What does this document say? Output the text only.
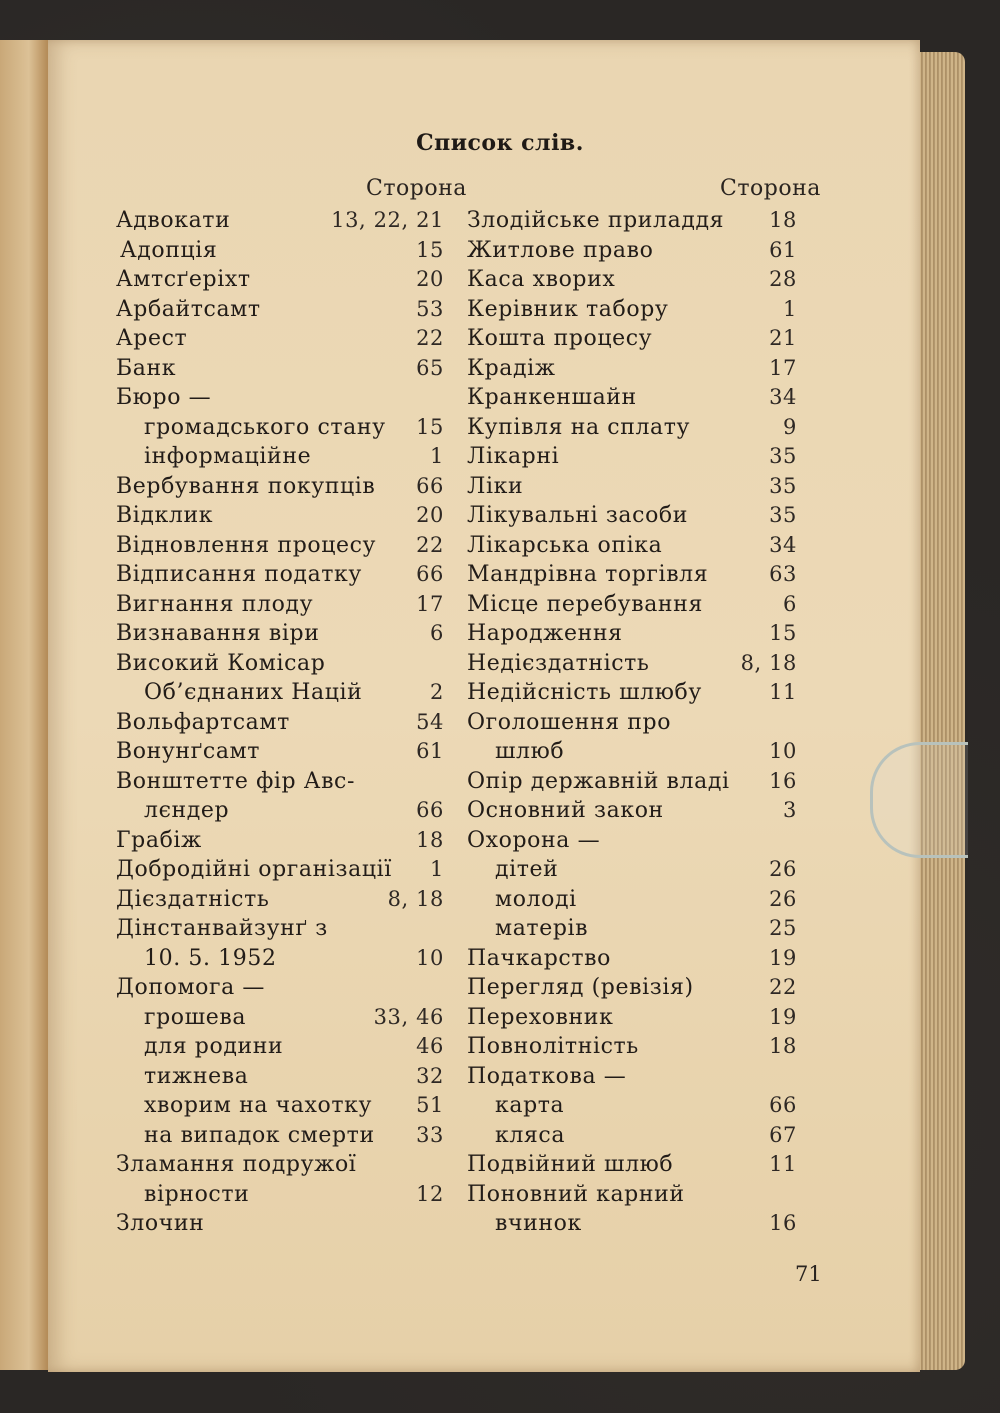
Список слів.
Сторона	Сторона
Адвокати	13, 22, 21
Адопція	15
Амтсґеріхт	20
Арбайтсамт	53
Арест	22
Банк	65
Бюро —
громадського стану 15
інформаційне	1
Вербування покупців 66
Відклик	20
Відновлення процесу 22
Відписання податку	66
Вигнання плоду	17
Визнавання віри	6
Високий Комісар
Об’єднаних Націй	2
Вольфартсамт	54
Вонунґсамт	61
Вонштетте фір Авс-
лєндер	66
Грабіж	18
Добродійні організації 1
Дієздатність	8, 18
Дінстанвайзунґ з
10. 5. 1952	10
Допомога —
грошева	33, 46
для родини	46
тижнева	32
хворим на чахотку 51
на випадок смерти 33
Зламання подружої
вірности	12
Злочин
Злодійське приладдя 18
Житлове право	61
Каса хворих	28
Керівник табору	1
Кошта процесу	21
Крадіж	17
Кранкеншайн	34
Купівля на сплату	9
Лікарні	35
Ліки	35
Лікувальні засоби	35
Лікарська опіка	34
Мандрівна торгівля	63
Місце перебування	6
Народження	15
Недієздатність	8, 18
Недійсність шлюбу	11
Оголошення про
шлюб	10
Опір державній владі 16
Основний закон	3
Охорона —
дітей	26
молоді	26
матерів	25
Пачкарство	19
Перегляд (ревізія)	22
Переховник	19
Повнолітність	18
Податкова —
карта	66
кляса	67
Подвійний шлюб	11
Поновний карний
вчинок	16
71
